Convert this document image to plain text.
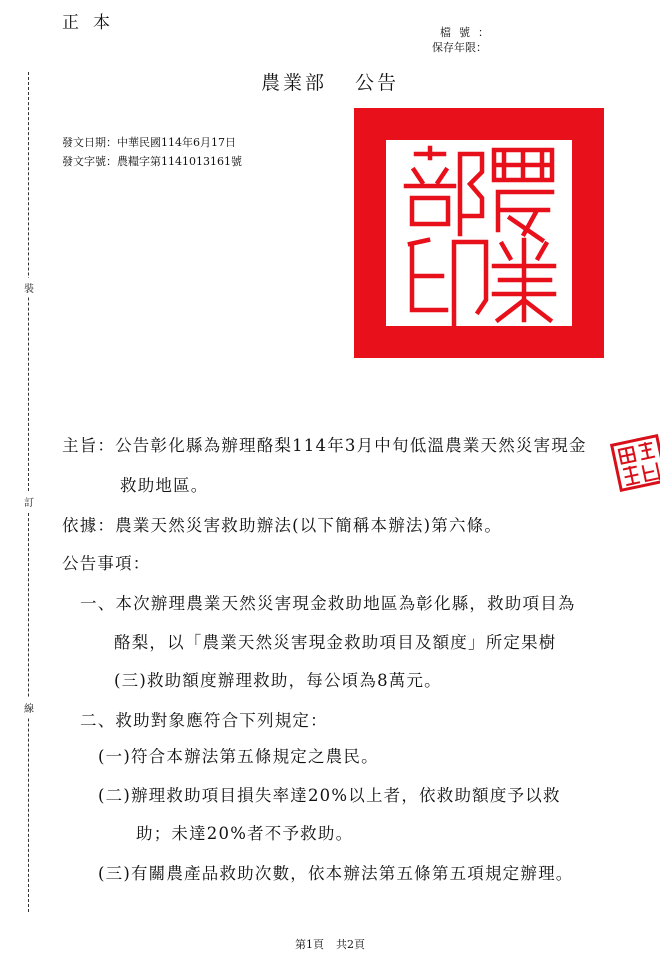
正本	檔號：
保存年限：
農業部 公告
發文日期：中華民國114年6月17日
發文字號：農糧字第1141013161號
裝
訂
線
主旨：公告彰化縣為辦理酪梨114年3月中旬低溫農業天然災害現金
救助地區。
依據：農業天然災害救助辦法(以下簡稱本辦法)第六條。
公告事項：
一、本次辦理農業天然災害現金救助地區為彰化縣，救助項目為
酪梨，以「農業天然災害現金救助項目及額度」所定果樹
(三)救助額度辦理救助，每公頃為8萬元。
二、救助對象應符合下列規定：
(一)符合本辦法第五條規定之農民。
(二)辦理救助項目損失率達20%以上者，依救助額度予以救
助；未達20%者不予救助。
(三)有關農產品救助次數，依本辦法第五條第五項規定辦理。
第1頁 共2頁
